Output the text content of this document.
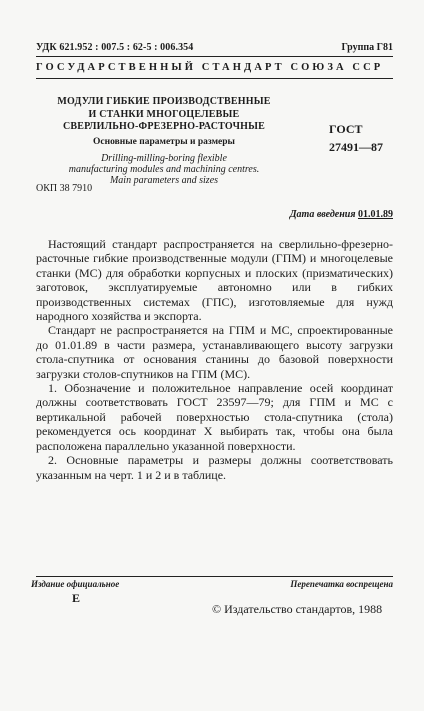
УДК 621.952 : 007.5 : 62-5 : 006.354	Группа Г81
ГОСУДАРСТВЕННЫЙ СТАНДАРТ СОЮЗА ССР
МОДУЛИ ГИБКИЕ ПРОИЗВОДСТВЕННЫЕ
И СТАНКИ МНОГОЦЕЛЕВЫЕ
СВЕРЛИЛЬНО-ФРЕЗЕРНО-РАСТОЧНЫЕ
Основные параметры и размеры
Drilling-milling-boring flexible
manufacturing modules and machining centres.
Main parameters and sizes
ОКП 38 7910
ГОСТ
27491—87
Дата введения 01.01.89

Настоящий стандарт распространяется на сверлильно-фрезерно-расточные гибкие производственные модули (ГПМ) и многоцелевые станки (МС) для обработки корпусных и плоских (призматических) заготовок, эксплуатируемые автономно или в гибких производственных системах (ГПС), изготовляемые для нужд народного хозяйства и экспорта.

Стандарт не распространяется на ГПМ и МС, спроектированные до 01.01.89 в части размера, устанавливающего высоту загрузки стола-спутника от основания станины до базовой поверхности загрузки столов-спутников на ГПМ (МС).

1. Обозначение и положительное направление осей координат должны соответствовать ГОСТ 23597—79; для ГПМ и МС с вертикальной рабочей поверхностью стола-спутника (стола) рекомендуется ось координат X выбирать так, чтобы она была расположена параллельно указанной поверхности.

2. Основные параметры и размеры должны соответствовать указанным на черт. 1 и 2 и в таблице.

Издание официальное	Перепечатка воспрещена
Е
© Издательство стандартов, 1988
